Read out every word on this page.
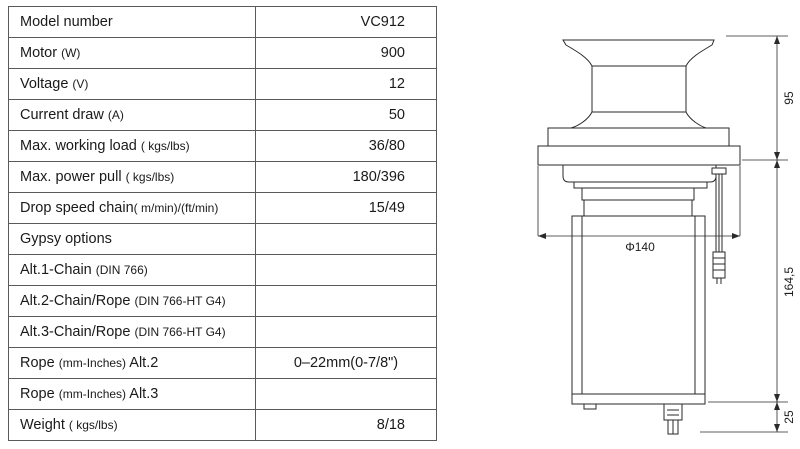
Model number	VC912
Motor (W)	900
Voltage (V)	12
Current draw (A)	50
Max. working load ( kgs/lbs)	36/80
Max. power pull ( kgs/lbs)	180/396
Drop speed chain( m/min)/(ft/min)	15/49
Gypsy options	
Alt.1-Chain (DIN 766)	
Alt.2-Chain/Rope (DIN 766-HT G4)	
Alt.3-Chain/Rope (DIN 766-HT G4)	
Rope (mm-Inches) Alt.2	0–22mm(0-7/8")
Rope (mm-Inches) Alt.3	
Weight ( kgs/lbs)	8/18
Φ140
95
164,5
25
